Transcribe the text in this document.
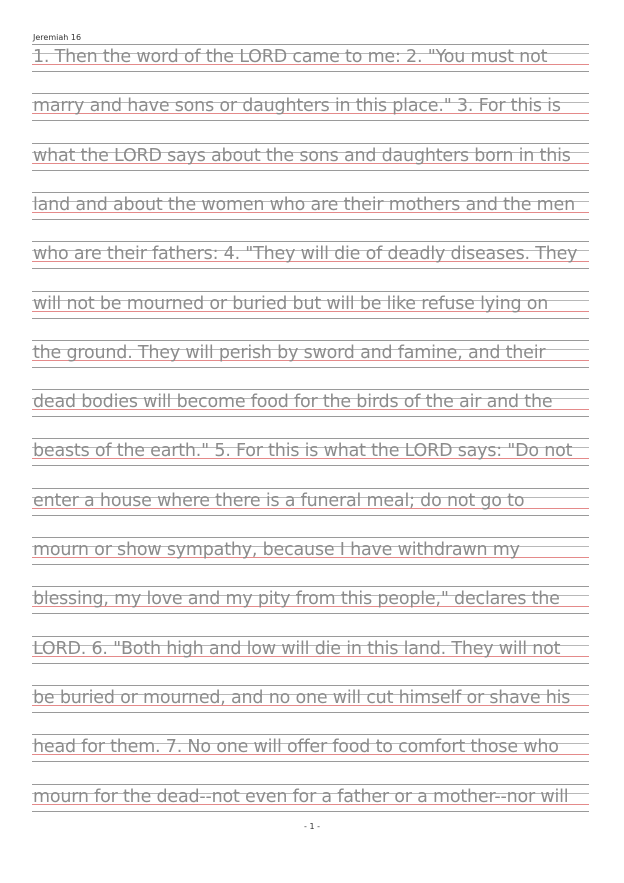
Jeremiah 16
1. Then the word of the LORD came to me: 2. "You must not
marry and have sons or daughters in this place." 3. For this is
what the LORD says about the sons and daughters born in this
land and about the women who are their mothers and the men
who are their fathers: 4. "They will die of deadly diseases. They
will not be mourned or buried but will be like refuse lying on
the ground. They will perish by sword and famine, and their
dead bodies will become food for the birds of the air and the
beasts of the earth." 5. For this is what the LORD says: "Do not
enter a house where there is a funeral meal; do not go to
mourn or show sympathy, because I have withdrawn my
blessing, my love and my pity from this people," declares the
LORD. 6. "Both high and low will die in this land. They will not
be buried or mourned, and no one will cut himself or shave his
head for them. 7. No one will offer food to comfort those who
mourn for the dead--not even for a father or a mother--nor will
- 1 -
